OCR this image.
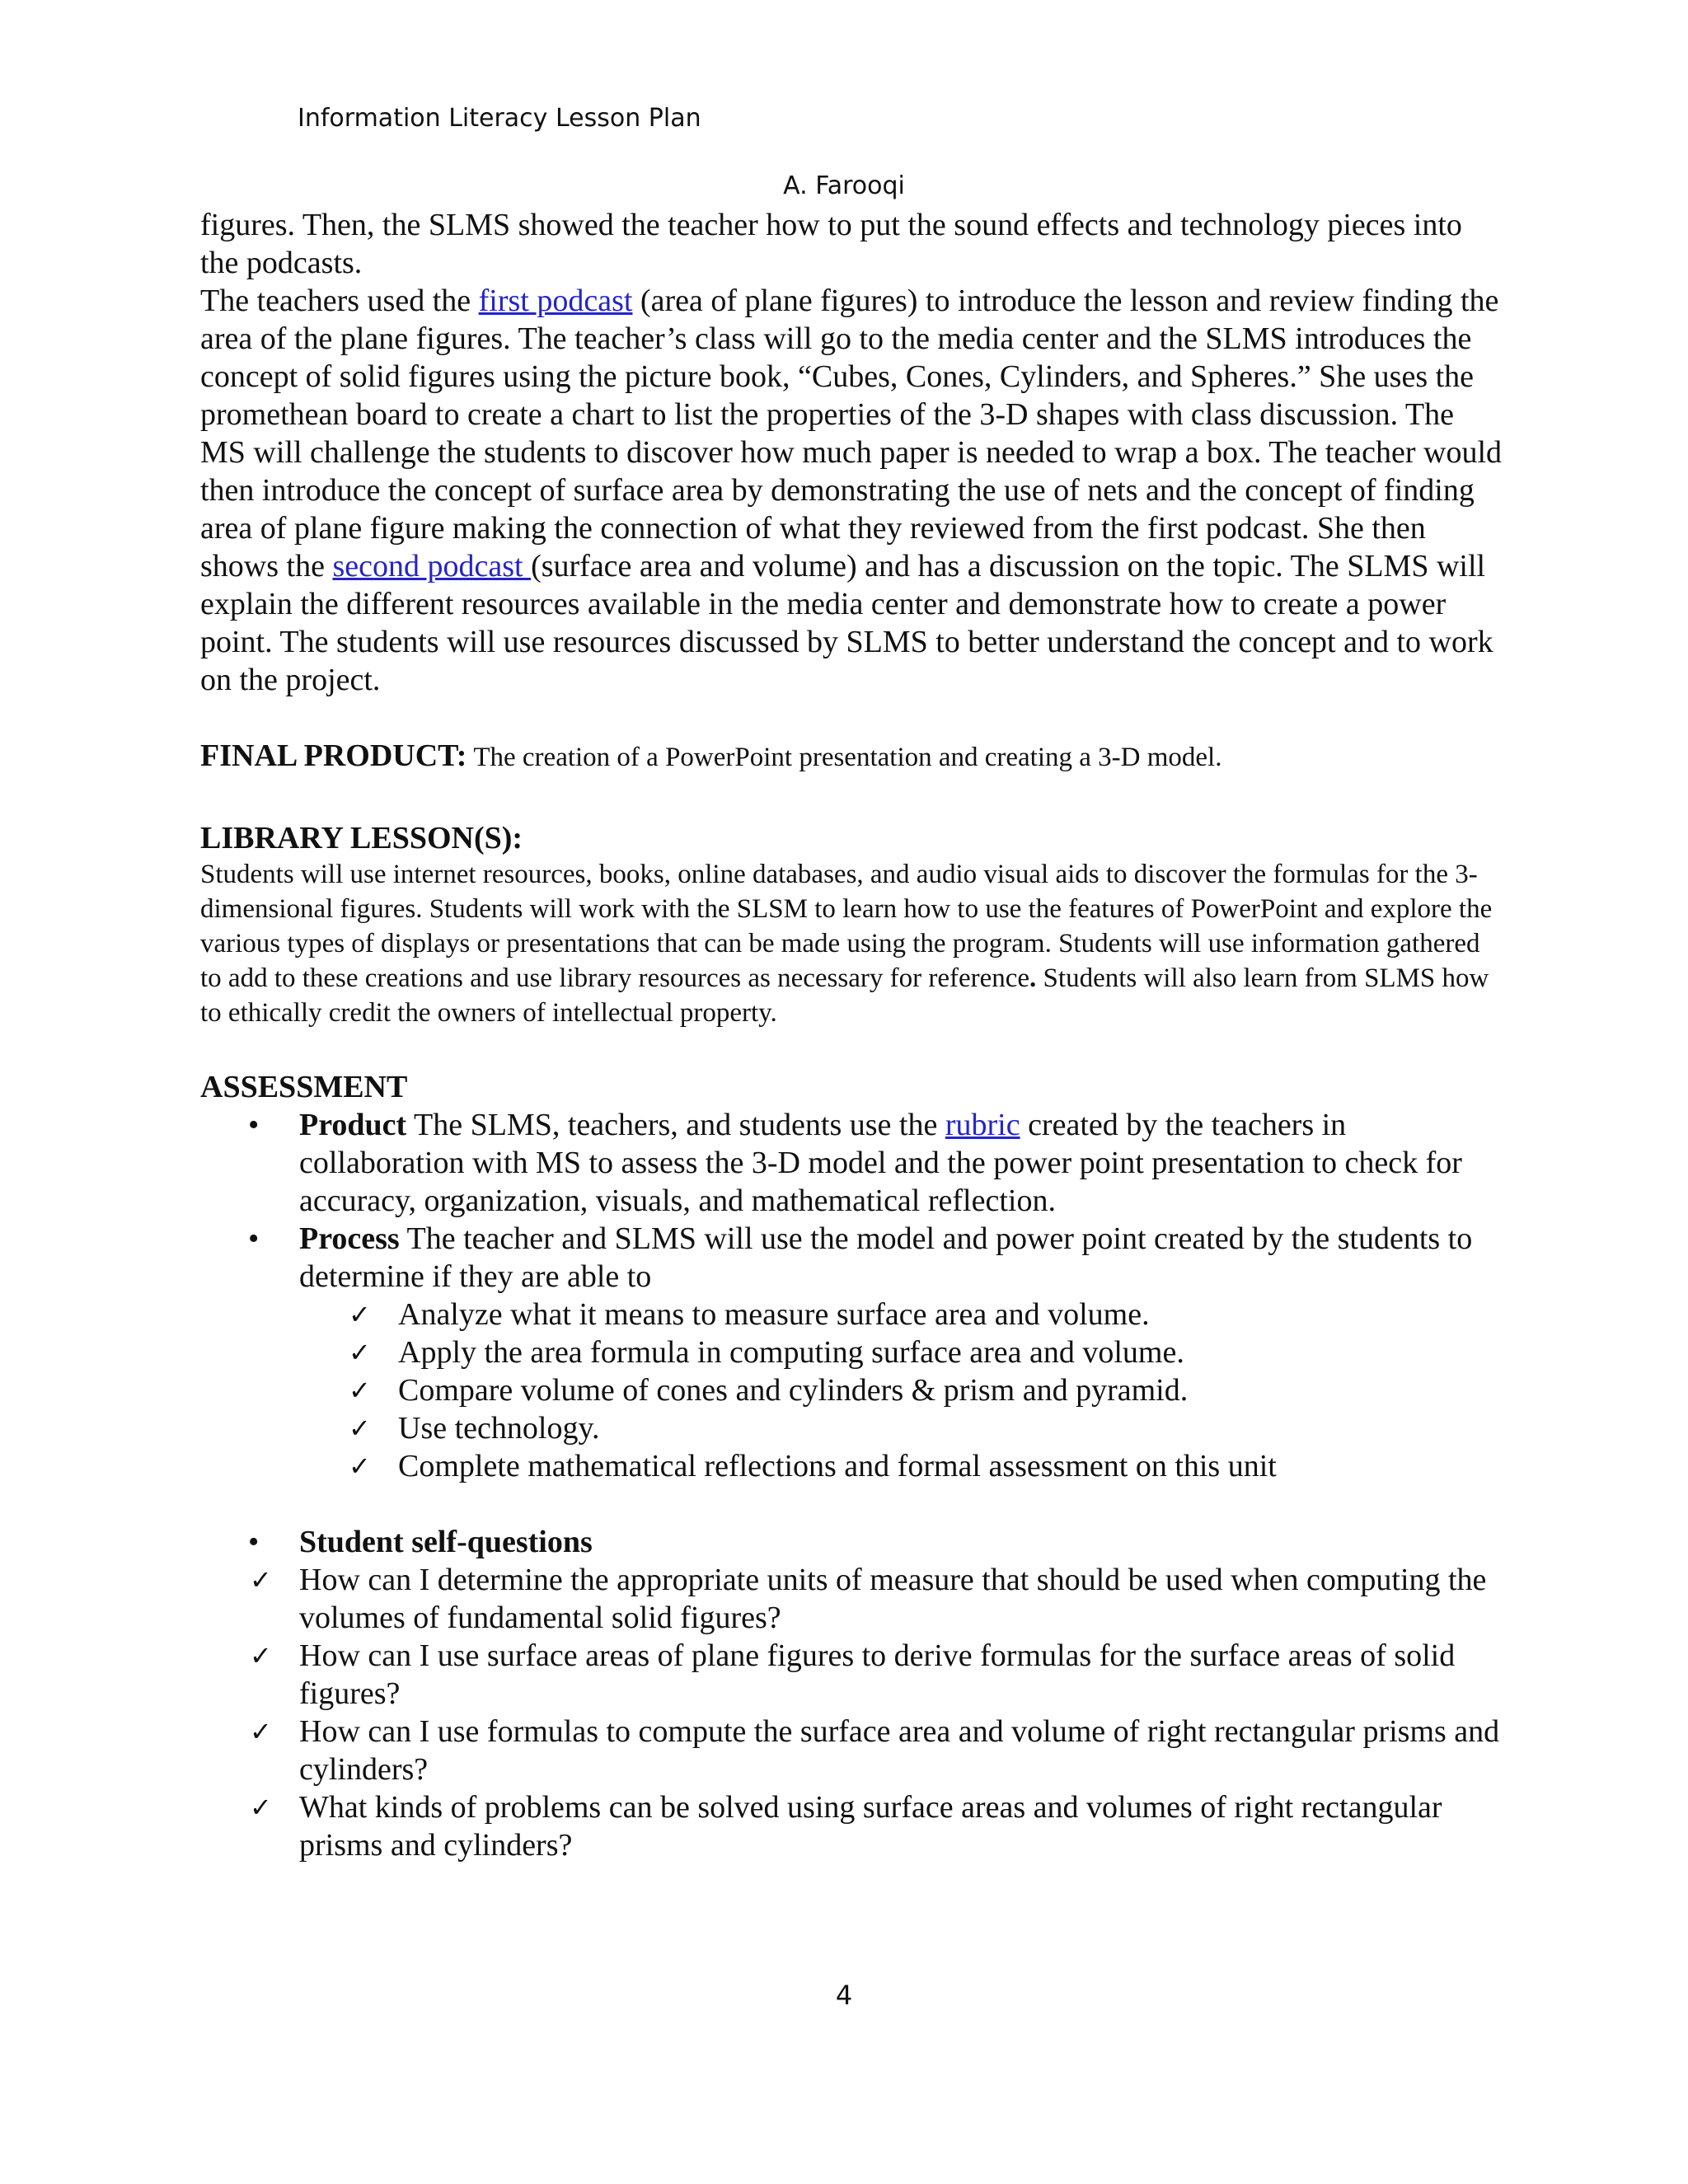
Information Literacy Lesson Plan
A. Farooqi

figures. Then, the SLMS showed the teacher how to put the sound effects and technology pieces into the podcasts.

The teachers used the first podcast (area of plane figures) to introduce the lesson and review finding the area of the plane figures. The teacher’s class will go to the media center and the SLMS introduces the concept of solid figures using the picture book, “Cubes, Cones, Cylinders, and Spheres.” She uses the promethean board to create a chart to list the properties of the 3-D shapes with class discussion. The MS will challenge the students to discover how much paper is needed to wrap a box. The teacher would then introduce the concept of surface area by demonstrating the use of nets and the concept of finding area of plane figure making the connection of what they reviewed from the first podcast. She then shows the second podcast (surface area and volume) and has a discussion on the topic. The SLMS will explain the different resources available in the media center and demonstrate how to create a power point. The students will use resources discussed by SLMS to better understand the concept and to work on the project.

FINAL PRODUCT: The creation of a PowerPoint presentation and creating a 3-D model.
LIBRARY LESSON(S):

Students will use internet resources, books, online databases, and audio visual aids to discover the formulas for the 3-dimensional figures. Students will work with the SLSM to learn how to use the features of PowerPoint and explore the various types of displays or presentations that can be made using the program. Students will use information gathered to add to these creations and use library resources as necessary for reference. Students will also learn from SLMS how to ethically credit the owners of intellectual property.

ASSESSMENT
• Product The SLMS, teachers, and students use the rubric created by the teachers in collaboration with MS to assess the 3-D model and the power point presentation to check for accuracy, organization, visuals, and mathematical reflection.
• Process The teacher and SLMS will use the model and power point created by the students to determine if they are able to
✓ Analyze what it means to measure surface area and volume.
✓ Apply the area formula in computing surface area and volume.
✓ Compare volume of cones and cylinders & prism and pyramid.
✓ Use technology.
✓ Complete mathematical reflections and formal assessment on this unit
• Student self-questions
✓ How can I determine the appropriate units of measure that should be used when computing the volumes of fundamental solid figures?
✓ How can I use surface areas of plane figures to derive formulas for the surface areas of solid figures?
✓ How can I use formulas to compute the surface area and volume of right rectangular prisms and cylinders?
✓ What kinds of problems can be solved using surface areas and volumes of right rectangular prisms and cylinders?
4
